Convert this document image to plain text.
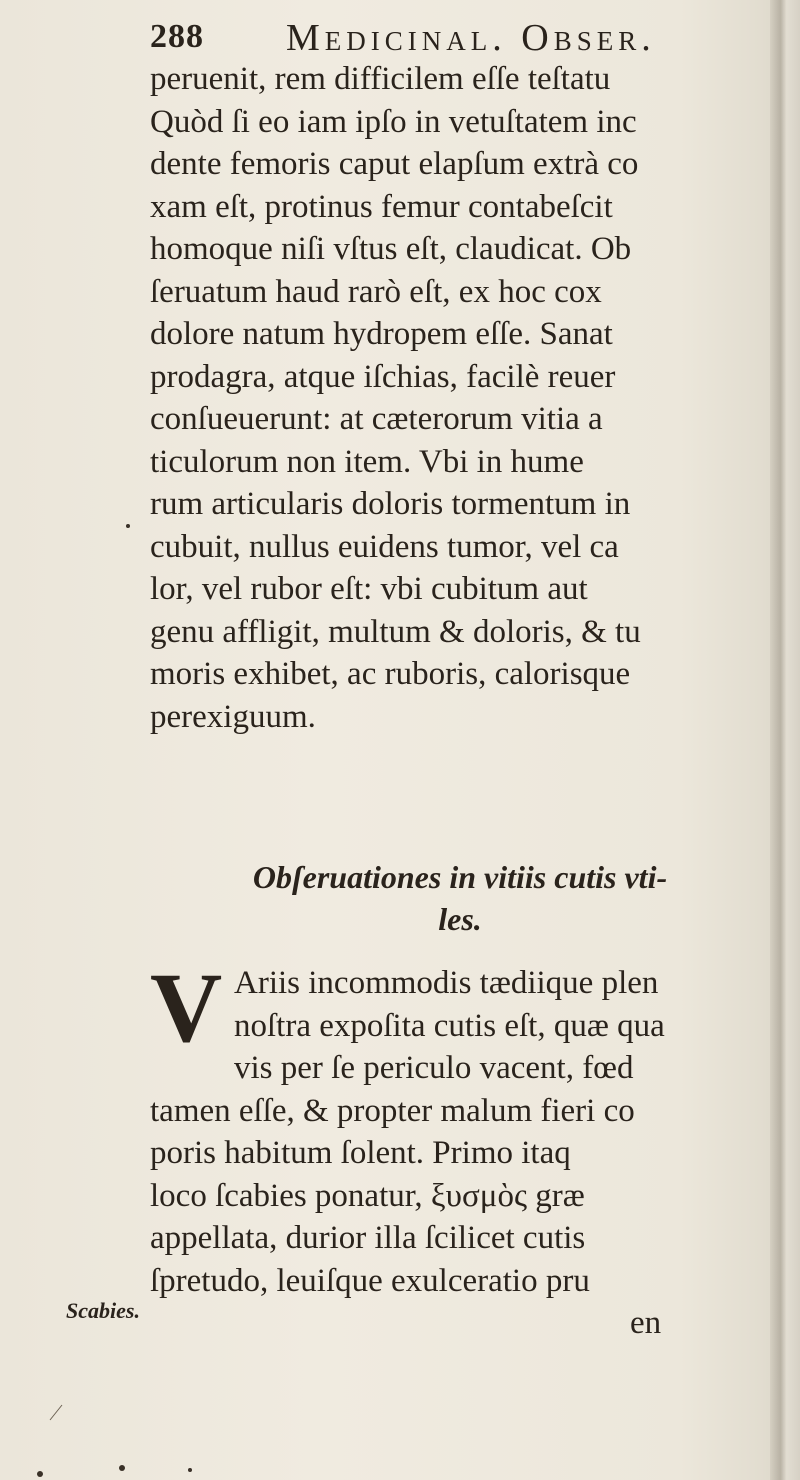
288 Medicinal. Obser.
peruenit, rem difficilem eſſe teſtatu
Quòd ſi eo iam ipſo in vetuſtatem inc
dente femoris caput elapſum extrà co
xam eſt, protinus femur contabeſcit
homoque niſi vſtus eſt, claudicat. Ob
ſeruatum haud rarò eſt, ex hoc cox
dolore natum hydropem eſſe. Sanat
prodagra, atque iſchias, facilè reuer
conſueuerunt: at cæterorum vitia a
ticulorum non item. Vbi in hume
rum articularis doloris tormentum in
cubuit, nullus euidens tumor, vel ca
lor, vel rubor eſt: vbi cubitum aut
genu affligit, multum & doloris, & tu
moris exhibet, ac ruboris, calorisque
perexiguum.
Obſeruationes in vitiis cutis vti-
les.
V Ariis incommodis tædiique plen
noſtra expoſita cutis eſt, quæ qua
vis per ſe periculo vacent, fœd
tamen eſſe, & propter malum fieri co
poris habitum ſolent. Primo itaq
loco ſcabies ponatur, ξυσμὸς græ
appellata, durior illa ſcilicet cutis
ſpretudo, leuiſque exulceratio pru
en
Scabies.
